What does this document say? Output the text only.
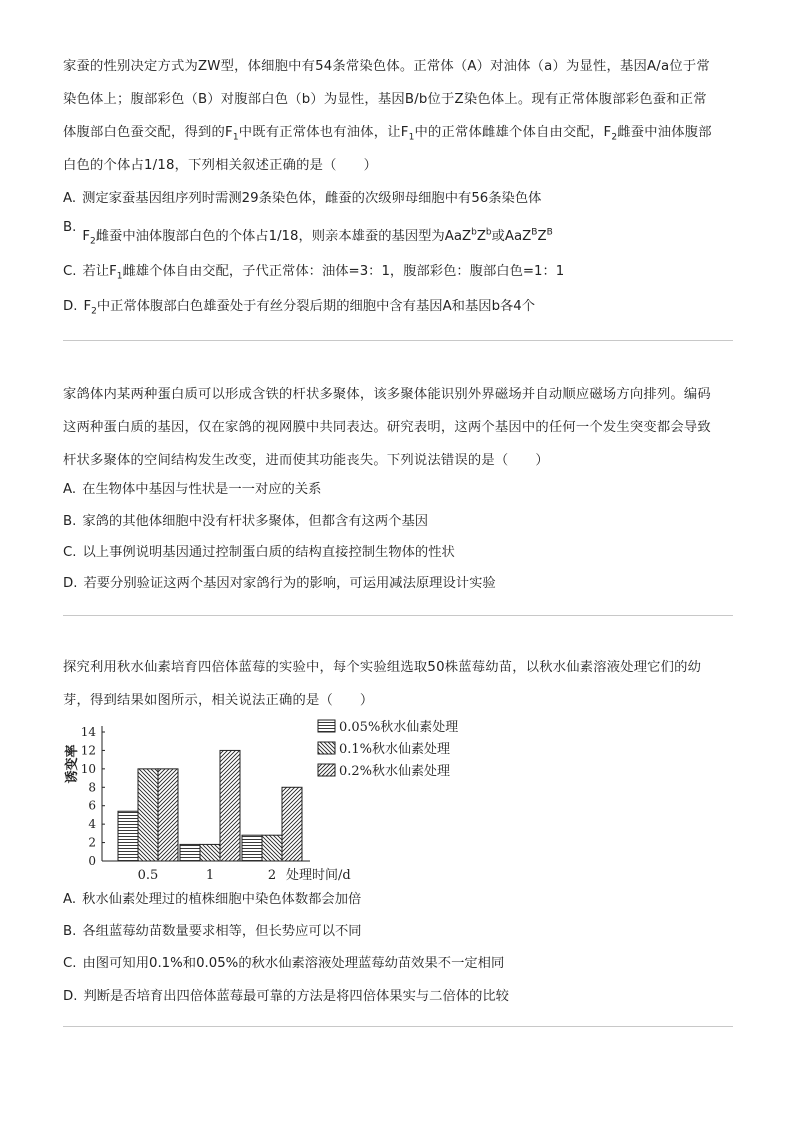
家蚕的性别决定方式为ZW型，体细胞中有54条常染色体。正常体（A）对油体（a）为显性，基因A/a位于常
染色体上；腹部彩色（B）对腹部白色（b）为显性，基因B/b位于Z染色体上。现有正常体腹部彩色蚕和正常
体腹部白色蚕交配，得到的$F_1$中既有正常体也有油体，让$F_1$中的正常体雌雄个体自由交配，$F_2$雌蚕中油体腹部
白色的个体占1/18，下列相关叙述正确的是（　　）
A. 测定家蚕基因组序列时需测29条染色体，雌蚕的次级卵母细胞中有56条染色体
$B.F_2$雌蚕中油体腹部白色的个体占1/18，则亲本雄蚕的基因型为$AaZ^bZ^b$或$AaZ^BZ^B$
C. 若让$F_1$雌雄个体自由交配，子代正常体：油体=3：1，腹部彩色：腹部白色=1：1
D. $F_2$中正常体腹部白色雄蚕处于有丝分裂后期的细胞中含有基因A和基因b各4个
家鸽体内某两种蛋白质可以形成含铁的杆状多聚体，该多聚体能识别外界磁场并自动顺应磁场方向排列。编码
这两种蛋白质的基因，仅在家鸽的视网膜中共同表达。研究表明，这两个基因中的任何一个发生突变都会导致
杆状多聚体的空间结构发生改变，进而使其功能丧失。下列说法错误的是（　　）
A. 在生物体中基因与性状是一一对应的关系
B. 家鸽的其他体细胞中没有杆状多聚体，但都含有这两个基因
C. 以上事例说明基因通过控制蛋白质的结构直接控制生物体的性状
D. 若要分别验证这两个基因对家鸽行为的影响，可运用减法原理设计实验
探究利用秋水仙素培育四倍体蓝莓的实验中，每个实验组选取50株蓝莓幼苗，以秋水仙素溶液处理它们的幼
芽，得到结果如图所示，相关说法正确的是（　　）
0
2
4
6
8
10
12
14
诱变率
0.5	1	2 处理时间/d
0.05%秋水仙素处理
0.1%秋水仙素处理
0.2%秋水仙素处理
A. 秋水仙素处理过的植株细胞中染色体数都会加倍
B. 各组蓝莓幼苗数量要求相等，但长势应可以不同
C. 由图可知用0.1%和0.05%的秋水仙素溶液处理蓝莓幼苗效果不一定相同
D. 判断是否培育出四倍体蓝莓最可靠的方法是将四倍体果实与二倍体的比较
